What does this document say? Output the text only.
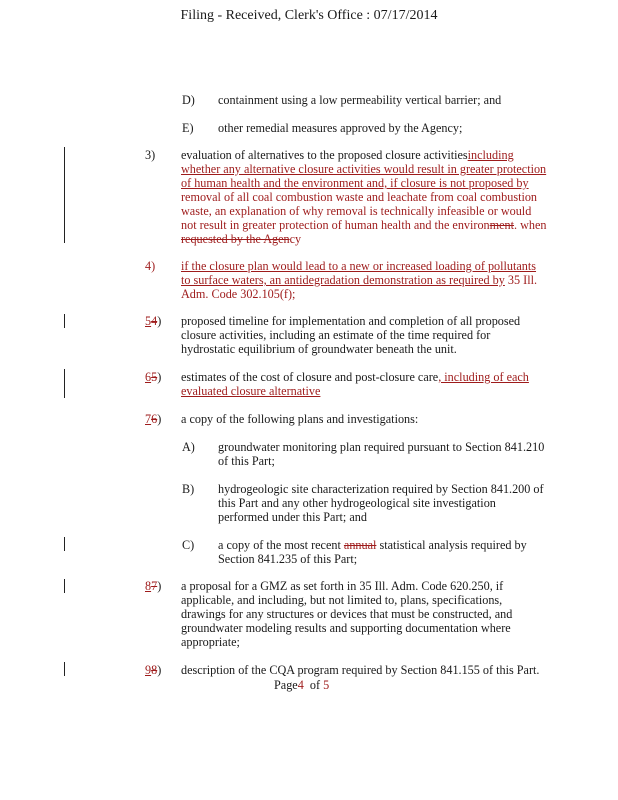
Filing - Received, Clerk's Office : 07/17/2014
D) containment using a low permeability vertical barrier; and
E) other remedial measures approved by the Agency;
3) evaluation of alternatives to the proposed closure activitiesincluding
whether any alternative closure activities would result in greater protection
of human health and the environment and, if closure is not proposed by
removal of all coal combustion waste and leachate from coal combustion
waste, an explanation of why removal is technically infeasible or would
not result in greater protection of human health and the environment. when
requested by the Agency
4) if the closure plan would lead to a new or increased loading of pollutants
to surface waters, an antidegradation demonstration as required by 35 Ill.
Adm. Code 302.105(f);
54) proposed timeline for implementation and completion of all proposed
closure activities, including an estimate of the time required for
hydrostatic equilibrium of groundwater beneath the unit.
65) estimates of the cost of closure and post-closure care, including of each
evaluated closure alternative
76) a copy of the following plans and investigations:
A) groundwater monitoring plan required pursuant to Section 841.210
of this Part;
B) hydrogeologic site characterization required by Section 841.200 of
this Part and any other hydrogeological site investigation
performed under this Part; and
C) a copy of the most recent annual statistical analysis required by
Section 841.235 of this Part;
87) a proposal for a GMZ as set forth in 35 Ill. Adm. Code 620.250, if
applicable, and including, but not limited to, plans, specifications,
drawings for any structures or devices that must be constructed, and
groundwater modeling results and supporting documentation where
appropriate;
98) description of the CQA program required by Section 841.155 of this Part.
Page4 of 5
